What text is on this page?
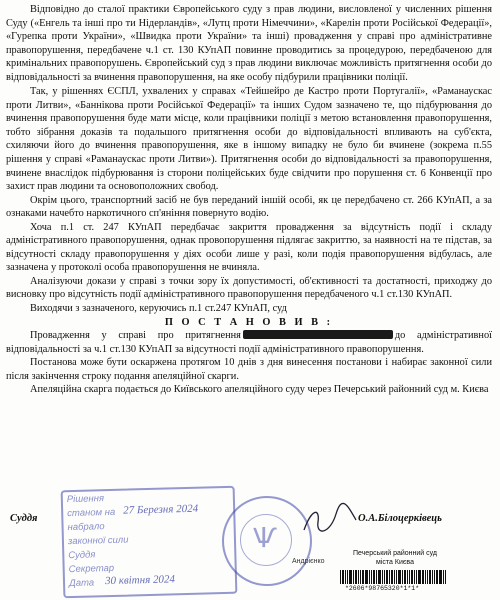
Відповідно до сталої практики Європейського суду з прав людини, висловленої у численних рішення Суду («Енгель та інші про ти Нідерландів», «Лутц проти Німеччини», «Карелін проти Російської Федерації», «Гурепка проти України», «Швидка проти України» та інші) провадження у справі про адміністративне правопорушення, передбачене ч.1 ст. 130 КУпАП повинне проводитись за процедурою, передбаченою для кримінальних правопорушень. Європейський суд з прав людини виключає можливість притягнення особи до відповідальності за вчинення правопорушення, на яке особу підбурили працівники поліції.

Так, у рішеннях ЄСПЛ, ухвалених у справах «Тейшейро де Кастро проти Португалії», «Раманаускас проти Литви», «Баннікова проти Російської Федерації» та інших Судом зазначено те, що підбурювання до вчинення правопорушення буде мати місце, коли працівники поліції з метою встановлення правопорушення, тобто зібрання доказів та подальшого притягнення особи до відповідальності впливають на суб'єкта, схиляючи його до вчинення правопорушення, яке в іншому випадку не було би вчинене (зокрема п.55 рішення у справі «Раманаускас проти Литви»). Притягнення особи до відповідальності за правопорушення, вчинене внаслідок підбурювання із сторони поліцейських буде свідчити про порушення ст. 6 Конвенції про захист прав людини та основоположних свобод.

Окрім цього, транспортний засіб не був переданий іншій особі, як це передбачено ст. 266 КУпАП, а за ознаками начебто наркотичного сп'яніння повернуто водію.

Хоча п.1 ст. 247 КУпАП передбачає закриття провадження за відсутність події і складу адміністративного правопорушення, однак провопорушення підлягає закриттю, за наявності на те підстав, за відсутності складу правопорушення у діях особи лише у разі, коли подія правопорушення відбулась, але зазначена у протоколі особа правопорушення не вчиняла.

Аналізуючи докази у справі з точки зору їх допустимості, об'єктивності та достатності, приходжу до висновку про відсутність події адміністративного правопорушення передбаченого ч.1 ст.130 КУпАП.

Виходячи з зазначеного, керуючись п.1 ст.247 КУпАП, суд

П О С Т А Н О В И В :

Провадження у справі про притягнення	до адміністративної відповідальності за ч.1 ст.130 КУпАП за відсутності події адміністративного правопорушення.

Постанова може бути оскаржена протягом 10 днів з дня винесення постанови і набирає законної сили після закінчення строку подання апеляційної скарги.

Апеляційна скарга подається до Київського апеляційного суду через Печерський районний суд м. Києва

Рішення
станом на
набрало
законної сили
Суддя
Секретар
Дата
27 Березня 2024
30 квітня 2024
Суддя
Ѱ
О.А.Білоцерківець
Андрієнко
Печерський районний суд
міста Києва
*2606*98765320*1*1*
